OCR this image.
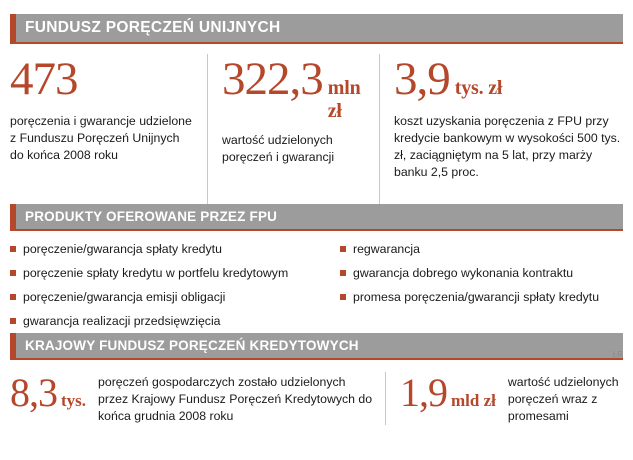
FUNDUSZ PORĘCZEŃ UNIJNYCH
473
poręczenia i gwarancje udzielone z Funduszu Poręczeń Unijnych do końca 2008 roku
322,3 mln zł
wartość udzielonych poręczeń i gwarancji
3,9 tys. zł
koszt uzyskania poręczenia z FPU przy kredycie bankowym w wysokości 500 tys. zł, zaciągniętym na 5 lat, przy marży banku 2,5 proc.
PRODUKTY OFEROWANE PRZEZ FPU
poręczenie/gwarancja spłaty kredytu
poręczenie spłaty kredytu w portfelu kredytowym
poręczenie/gwarancja emisji obligacji
gwarancja realizacji przedsięwzięcia
regwarancja
gwarancja dobrego wykonania kontraktu
promesa poręczenia/gwarancji spłaty kredytu
KRAJOWY FUNDUSZ PORĘCZEŃ KREDYTOWYCH
8,3 tys.
poręczeń gospodarczych zostało udzielonych przez Krajowy Fundusz Poręczeń Kredytowych do końca grudnia 2008 roku
1,9 mld zł
wartość udzielonych poręczeń wraz z promesami
ŁR
